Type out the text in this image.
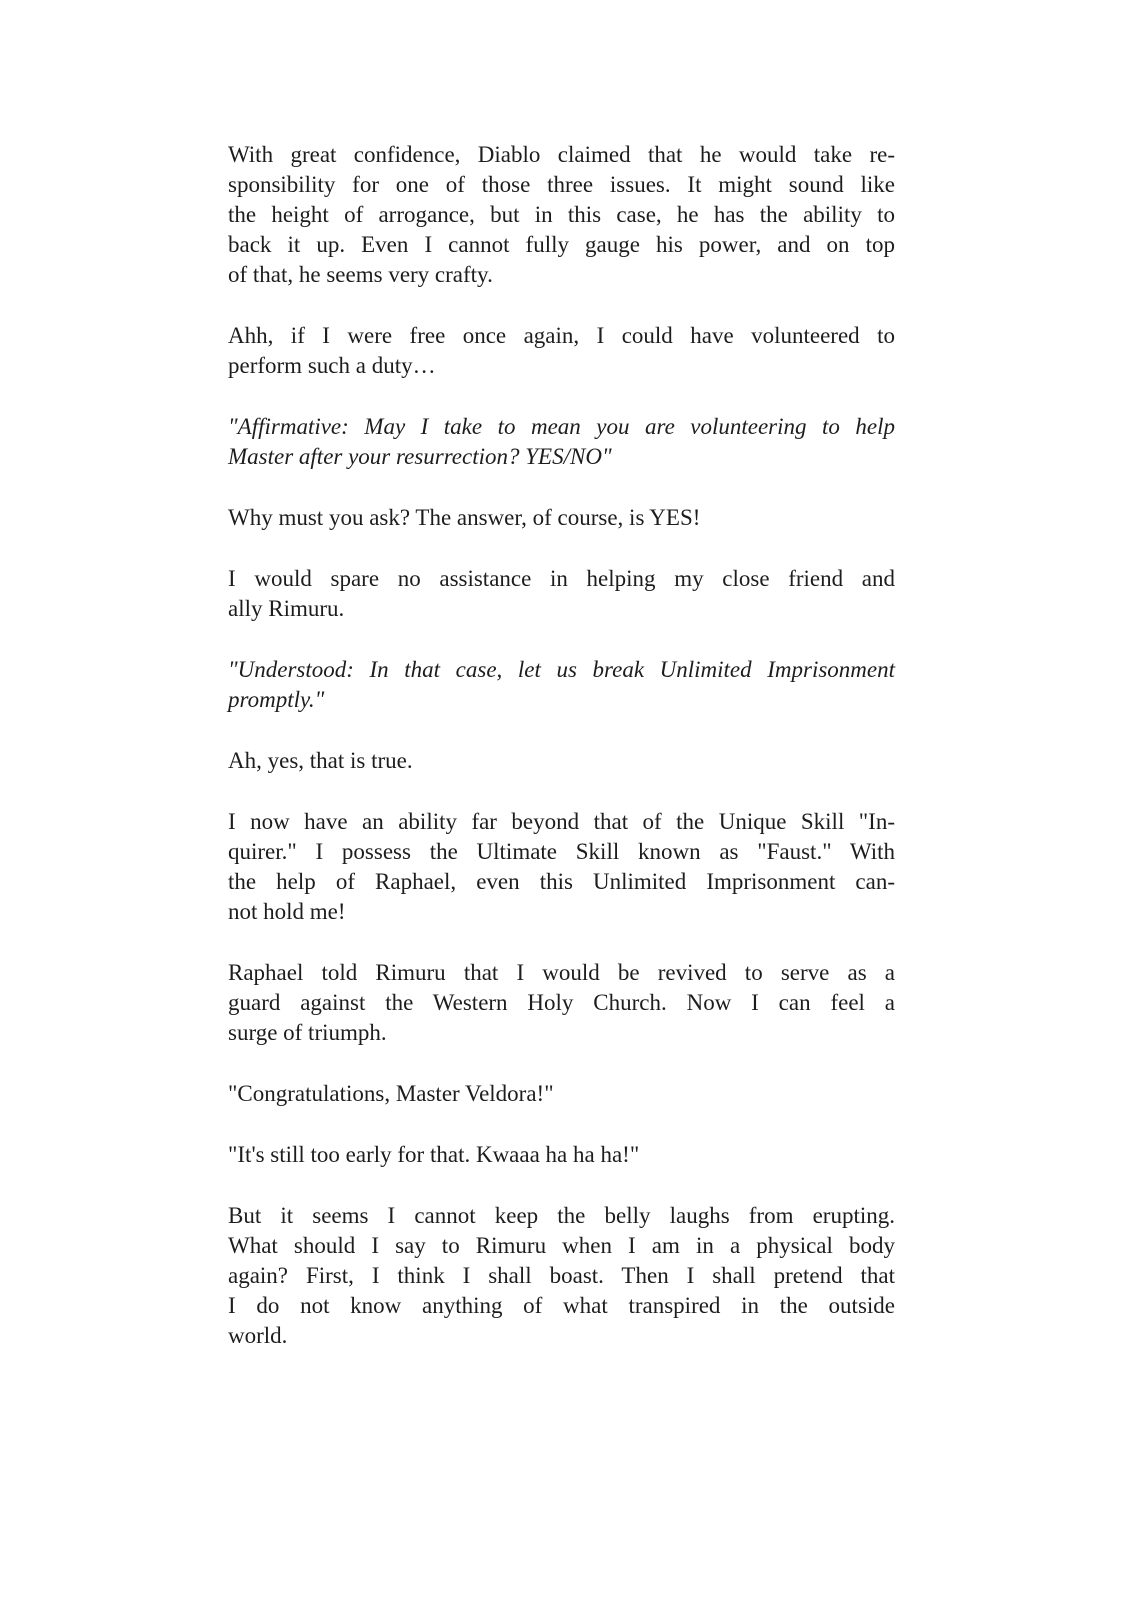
With great confidence, Diablo claimed that he would take re-
sponsibility for one of those three issues. It might sound like
the height of arrogance, but in this case, he has the ability to
back it up. Even I cannot fully gauge his power, and on top
of that, he seems very crafty.

Ahh, if I were free once again, I could have volunteered to
perform such a duty…

"Affirmative: May I take to mean you are volunteering to help
Master after your resurrection? YES/NO"

Why must you ask? The answer, of course, is YES!

I would spare no assistance in helping my close friend and
ally Rimuru.

"Understood: In that case, let us break Unlimited Imprisonment
promptly."

Ah, yes, that is true.

I now have an ability far beyond that of the Unique Skill "In-
quirer." I possess the Ultimate Skill known as "Faust." With
the help of Raphael, even this Unlimited Imprisonment can-
not hold me!

Raphael told Rimuru that I would be revived to serve as a
guard against the Western Holy Church. Now I can feel a
surge of triumph.

"Congratulations, Master Veldora!"

"It's still too early for that. Kwaaa ha ha ha!"

But it seems I cannot keep the belly laughs from erupting.
What should I say to Rimuru when I am in a physical body
again? First, I think I shall boast. Then I shall pretend that
I do not know anything of what transpired in the outside
world.
